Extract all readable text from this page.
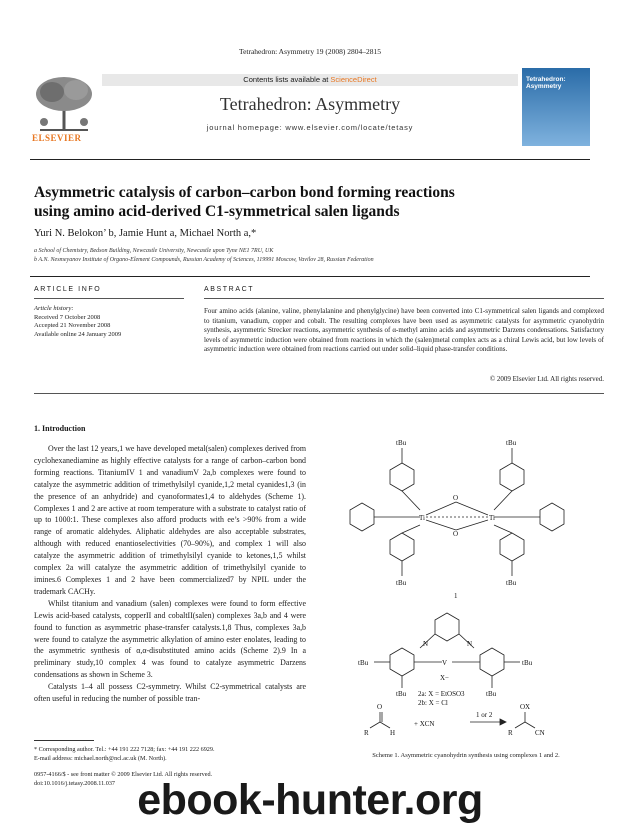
Tetrahedron: Asymmetry 19 (2008) 2804–2815
ELSEVIER
Contents lists available at ScienceDirect
Tetrahedron: Asymmetry
journal homepage: www.elsevier.com/locate/tetasy
Tetrahedron: Asymmetry
Asymmetric catalysis of carbon–carbon bond forming reactions
using amino acid-derived C1-symmetrical salen ligands
Yuri N. Belokon’ b, Jamie Hunt a, Michael North a,*
a School of Chemistry, Bedson Building, Newcastle University, Newcastle upon Tyne NE1 7RU, UK
b A.N. Nesmeyanov Institute of Organo-Element Compounds, Russian Academy of Sciences, 119991 Moscow, Vavilov 28, Russian Federation
ARTICLE INFO	ABSTRACT
Article history:
Received 7 October 2008
Accepted 21 November 2008
Available online 24 January 2009
Four amino acids (alanine, valine, phenylalanine and phenylglycine) have been converted into C1-symmetrical salen ligands and complexed to titanium, vanadium, copper and cobalt. The resulting complexes have been used as asymmetric catalysts for asymmetric cyanohydrin synthesis, asymmetric Strecker reactions, asymmetric synthesis of α-methyl amino acids and asymmetric Darzens condensations. Satisfactory levels of asymmetric induction were obtained from reactions in which the (salen)metal complex acts as a chiral Lewis acid, but low levels of asymmetric induction were obtained from reactions carried out under solid–liquid phase-transfer conditions.
© 2009 Elsevier Ltd. All rights reserved.
1. Introduction

Over the last 12 years,1 we have developed metal(salen) complexes derived from cyclohexanediamine as highly effective catalysts for a range of carbon–carbon bond forming reactions. TitaniumIV 1 and vanadiumV 2a,b complexes were found to catalyze the asymmetric addition of trimethylsilyl cyanide,1,2 metal cyanides1,3 (in the presence of an anhydride) and cyanoformates1,4 to aldehydes (Scheme 1). Complexes 1 and 2 are active at room temperature with a substrate to catalyst ratio of up to 1000:1. These complexes also afford products with ee’s >90% from a wide range of aromatic aldehydes. Aliphatic aldehydes are also acceptable substrates, although with reduced enantioselectivities (70–90%), and complex 1 will also catalyze the asymmetric addition of trimethylsilyl cyanide to ketones,1,5 whilst complex 2a will catalyze the asymmetric addition of trimethylsilyl cyanide to imines.6 Complexes 1 and 2 have been commercialized7 by NPIL under the trademark CACHy.

Whilst titanium and vanadium (salen) complexes were found to form effective Lewis acid-based catalysts, copperII and cobaltII(salen) complexes 3a,b and 4 were found to function as asymmetric phase-transfer catalysts.1,8 Thus, complexes 3a,b were found to catalyze the asymmetric alkylation of amino ester enolates, leading to the asymmetric synthesis of α,α-disubstituted amino acids (Scheme 2).9 In a preliminary study,10 complex 4 was found to catalyze asymmetric Darzens condensations as shown in Scheme 3.

Catalysts 1–4 all possess C2-symmetry. Whilst C2-symmetrical catalysts are often useful in reducing the number of possible tran-

tBu	tBu
tBu	tBu
Ti	Ti
O
O
1
V
N	N
X−
tBu	tBu
tBu	tBu
2a: X = EtOSO3
2b: X = Cl
O
R	H
+ XCN
1 or 2
OX
R	CN
Scheme 1. Asymmetric cyanohydrin synthesis using complexes 1 and 2.
* Corresponding author. Tel.: +44 191 222 7128; fax: +44 191 222 6929.
E-mail address: michael.north@ncl.ac.uk (M. North).
0957-4166/$ - see front matter © 2009 Elsevier Ltd. All rights reserved.
doi:10.1016/j.tetasy.2008.11.037 ebook-hunter.org
